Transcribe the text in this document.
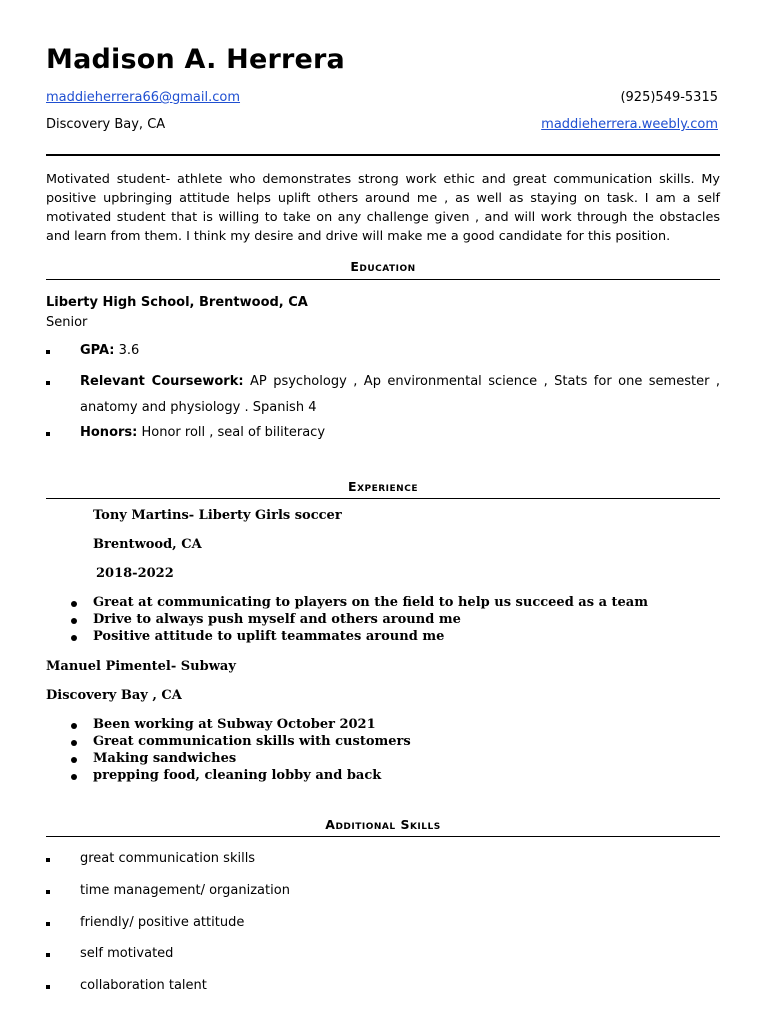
Madison A. Herrera
maddieherrera66@gmail.com	(925)549-5315
Discovery Bay, CA	maddieherrera.weebly.com

Motivated student- athlete who demonstrates strong work ethic and great communication skills. My positive upbringing attitude helps uplift others around me , as well as staying on task. I am a self motivated student that is willing to take on any challenge given , and will work through the obstacles and learn from them. I think my desire and drive will make me a good candidate for this position.

Education

Liberty High School, Brentwood, CA

Senior

GPA: 3.6
Relevant Coursework: AP psychology , Ap environmental science , Stats for one semester ,
anatomy and physiology . Spanish 4
Honors: Honor roll , seal of biliteracy
Experience

Tony Martins- Liberty Girls soccer

Brentwood, CA

2018-2022

Great at communicating to players on the field to help us succeed as a team

Drive to always push myself and others around me

Positive attitude to uplift teammates around me

Manuel Pimentel- Subway

Discovery Bay , CA

Been working at Subway October 2021

Great communication skills with customers

Making sandwiches

prepping food, cleaning lobby and back

Additional Skills
great communication skills
time management/ organization
friendly/ positive attitude
self motivated
collaboration talent
